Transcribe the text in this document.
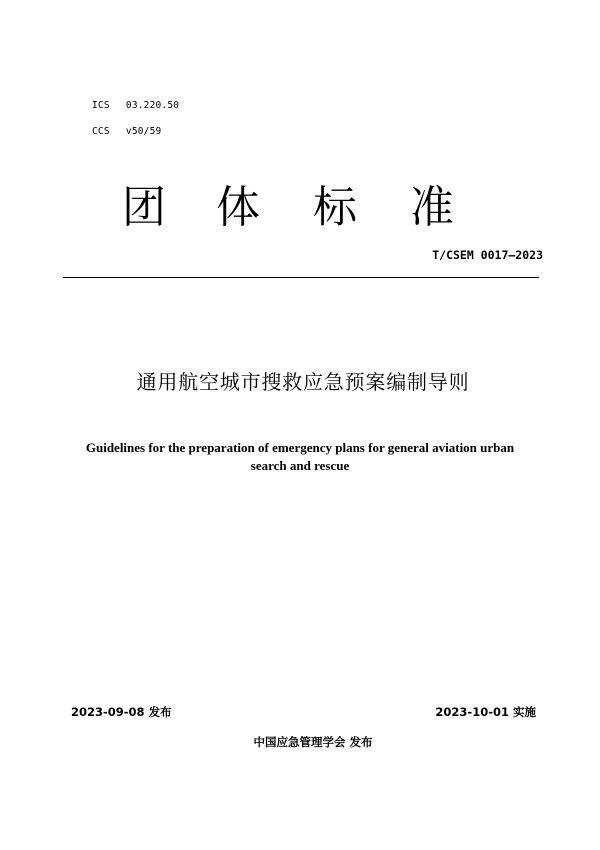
ICS 03.220.50
CCS v50/59
团 体 标 准
T/CSEM 0017—2023
通用航空城市搜救应急预案编制导则
Guidelines for the preparation of emergency plans for general aviation urban
search and rescue
2023-09-08 发布	2023-10-01 实施
中国应急管理学会 发布
